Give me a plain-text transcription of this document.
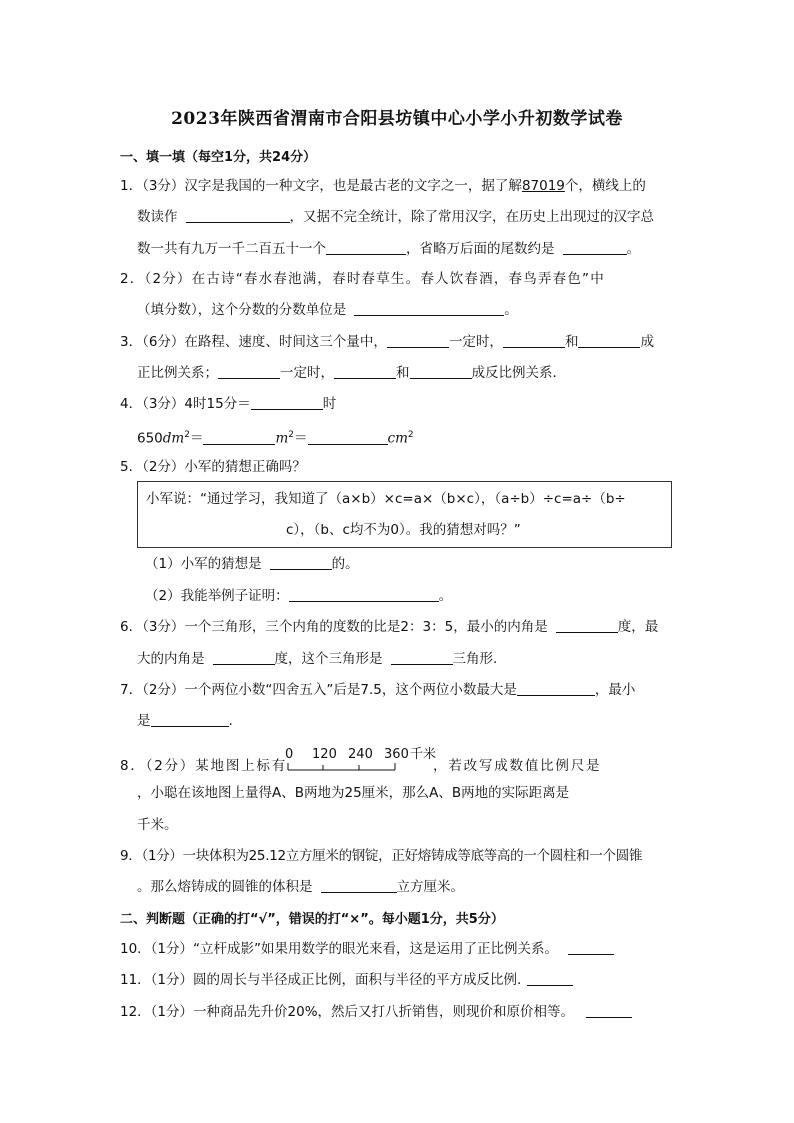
2023年陕西省渭南市合阳县坊镇中心小学小升初数学试卷
一、填一填（每空1分，共24分）
1．（3分）汉字是我国的一种文字，也是最古老的文字之一，据了解87019个，横线上的
数读作	，又据不完全统计，除了常用汉字，在历史上出现过的汉字总
数一共有九万一千二百五十一个	，省略万后面的尾数约是	。
2．（2分）在古诗“春水春池满，春时春草生。春人饮春酒，春鸟弄春色”中
（填分数），这个分数的分数单位是	。
3．（6分）在路程、速度、时间这三个量中，	一定时，	和	成
正比例关系；	一定时，	和	成反比例关系．
4．（3分）4时15分＝	时
$650dm^2=$	$m^2=$	$cm^2$
5．（2分）小军的猜想正确吗？
小军说：“通过学习，我知道了（a×b）×c=a×（b×c），（a÷b）÷c=a÷（b÷
c），（b、c均不为0）。我的猜想对吗？”
（1）小军的猜想是	的。
（2）我能举例子证明：	。
6．（3分）一个三角形，三个内角的度数的比是2：3：5，最小的内角是	度，最
大的内角是	度，这个三角形是	三角形.
7．（2分）一个两位小数“四舍五入”后是7.5，这个两位小数最大是	，最小
是	.
8．（2分）某地图上标有
0 120 240 360 千米
，若改写成数值比例尺是
，小聪在该地图上量得A、B两地为25厘米，那么A、B两地的实际距离是
千米。
9．（1分）一块体积为25.12立方厘米的钢锭，正好熔铸成等底等高的一个圆柱和一个圆锥
。那么熔铸成的圆锥的体积是	立方厘米。
二、判断题（正确的打“√”，错误的打“×”。每小题1分，共5分）
10．（1分）“立杆成影”如果用数学的眼光来看，这是运用了正比例关系。
11．（1分）圆的周长与半径成正比例，面积与半径的平方成反比例.
12．（1分）一种商品先升价20%，然后又打八折销售，则现价和原价相等。
